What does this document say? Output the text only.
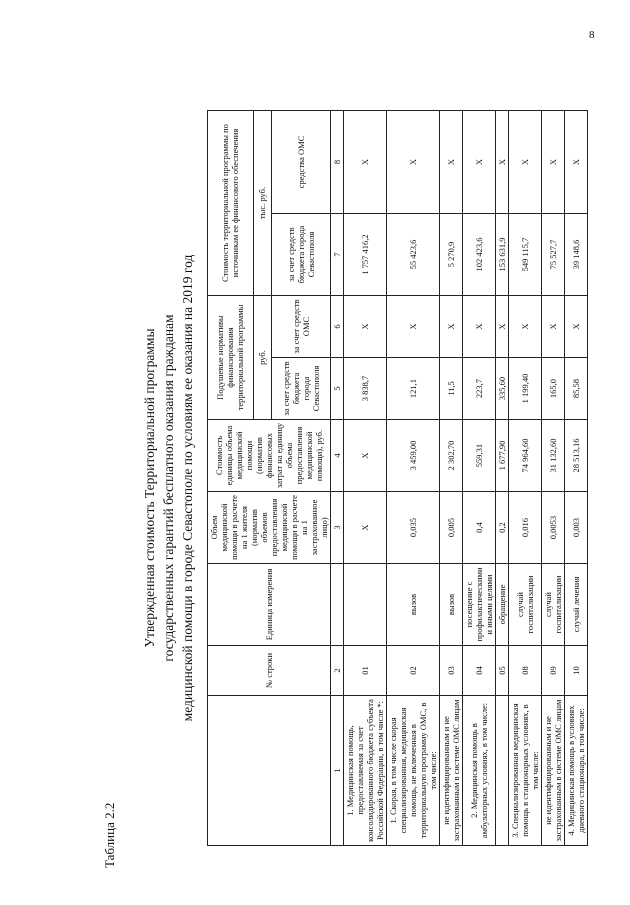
8
Таблица 2.2
Утвержденная стоимость Территориальной программы государственных гарантий бесплатного оказания гражданам медицинской помощи в городе Севастополе по условиям ее оказания на 2019 год
		№ строки	Единица измерения	Объем медицинской помощи в расчете на 1 жителя (норматив объемов предоставления медицинской помощи в расчете на 1 застрахованное лицо)	Стоимость единицы объема медицинской помощи (норматив финансовых затрат на единицу объема предоставления медицинской помощи), руб.	Подушевые нормативы финансирования территориальной программы		Стоимость территориальной программы по источникам ее финансового обеспечения	
					руб.		тыс. руб.	
					за счет средств бюджета города Севастополя	за счет средств ОМС	за счет средств бюджета города Севастополя	средства ОМС
1	2		3	4	5	6	7	8
1. Медицинская помощь, предоставляемая за счет консолидированного бюджета субъекта Российской Федерации, в том числе *:	01		X	X	3 838,7	X	1 757 416,2	X
1. Скорая, в том числе скорая специализированная, медицинская помощь, не включенная в территориальную программу ОМС, в том числе:	02	вызов	0,035	3 459,00	121,1	X	55 423,6	X
не идентифицированным и не застрахованным в системе ОМС лицам	03	вызов	0,005	2 302,70	11,5	X	5 270,9	X
2. Медицинская помощь в амбулаторных условиях, в том числе:	04	посещение с профилактическими и иными целями	0,4	559,31	223,7	X	102 423,6	X
	05	обращение	0,2	1 677,90	335,60	X	153 631,9	X
3. Специализированная медицинская помощь в стационарных условиях, в том числе:	08	случай госпитализации	0,016	74 964,60	1 199,40	X	549 115,7	X
не идентифицированным и не застрахованным в системе ОМС лицам	09	случай госпитализации	0,0053	31 132,60	165,0	X	75 527,7	X
4. Медицинская помощь в условиях дневного стационара, в том числе:	10	случай лечения	0,003	28 513,16	85,58	X	39 148,6	X
